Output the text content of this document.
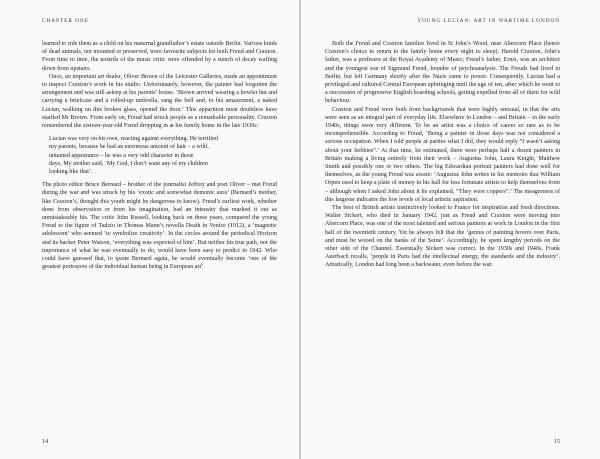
CHAPTER ONE

learned to ride them as a child on his maternal grandfather’s estate outside Berlin. Various kinds of dead animals, not mounted or preserved, were favourite subjects for both Freud and Craxton. From time to time, the nostrils of the music critic were offended by a stench of decay wafting down from upstairs.

Once, an important art dealer, Oliver Brown of the Leicester Galleries, made an appointment to inspect Craxton’s work in his studio. Unfortunately, however, the painter had forgotten the arrangement and was still asleep at his parents’ house. ‘Brown arrived wearing a bowler hat and carrying a briefcase and a rolled-up umbrella, rang the bell and, to his amazement, a naked Lucian, walking on this broken glass, opened the door.’ This apparition must doubtless have startled Mr Brown. From early on, Freud had struck people as a remarkable personality. Craxton remembered the sixteen-year-old Freud dropping in at his family home in the late 1930s:

Lucian was very on his own, reacting against everything. He terrified
my parents, because he had an enormous amount of hair – a wild,
untamed appearance – he was a very odd character in those
days. My mother said, ‘My God, I don’t want any of my children
looking like that’.

The photo editor Bruce Bernard – brother of the journalist Jeffrey and poet Oliver – met Freud during the war and was struck by his ‘exotic and somewhat demonic aura’ (Bernard’s mother, like Craxton’s, thought this youth might be dangerous to know). Freud’s earliest work, whether done from observation or from his imagination, had an intensity that marked it out as unmistakeably his. The critic John Russell, looking back on these years, compared the young Freud to the figure of Tadzio in Thomas Mann’s novella Death in Venice (1912), a ‘magnetic adolescent’ who seemed ‘to symbolize creativity’. In the circles around the periodical Horizon and its backer Peter Watson, ‘everything was expected of him’. But neither his true path, nor the importance of what he was eventually to do, would have been easy to predict in 1942. Who could have guessed that, to quote Bernard again, he would eventually become ‘one of the greatest portrayers of the individual human being in European art’.

14
YOUNG LUCIAN: ART IN WARTIME LONDON

Both the Freud and Craxton families lived in St John’s Wood, near Abercorn Place (hence Craxton’s choice to return to the family home every night to sleep). Harold Craxton, John’s father, was a professor at the Royal Academy of Music; Freud’s father, Ernst, was an architect and the youngest son of Sigmund Freud, founder of psychoanalysis. The Freuds had lived in Berlin, but left Germany shortly after the Nazis came to power. Consequently, Lucian had a privileged and cultured Central European upbringing until the age of ten, after which he went to a succession of progressive English boarding schools, getting expelled from all of them for wild behaviour.

Craxton and Freud were both from backgrounds that were highly unusual, in that the arts were seen as an integral part of everyday life. Elsewhere in London – and Britain – in the early 1940s, things were very different. To be an artist was a choice of career so rare as to be incomprehensible. According to Freud, ‘Being a painter in those days was not considered a serious occupation. When I told people at parties what I did, they would reply “I wasn’t asking about your hobbies”.’ At that time, he estimated, there were perhaps half a dozen painters in Britain making a living entirely from their work – Augustus John, Laura Knight, Matthew Smith and possibly one or two others. The big Edwardian portrait painters had done well for themselves, as the young Freud was aware: ‘Augustus John writes in his memoirs that William Orpen used to keep a plate of money in his hall for less fortunate artists to help themselves from – although when I asked John about it he explained, “They were coppers”.’ The meagreness of this largesse indicates the low levels of local artistic aspiration.

The best of British artists instinctively looked to France for inspiration and fresh directions. Walter Sickert, who died in January 1942, just as Freud and Craxton were moving into Abercorn Place, was one of the most talented and serious painters at work in London in the first half of the twentieth century. Yet he always felt that the ‘genius of painting hovers over Paris, and must be wooed on the banks of the Seine’. Accordingly, he spent lengthy periods on the other side of the Channel. Essentially Sickert was correct. In the 1930s and 1940s, Frank Auerbach recalls, ‘people in Paris had the intellectual energy, the standards and the industry’. Artistically, London had long been a backwater, even before the war.

15
